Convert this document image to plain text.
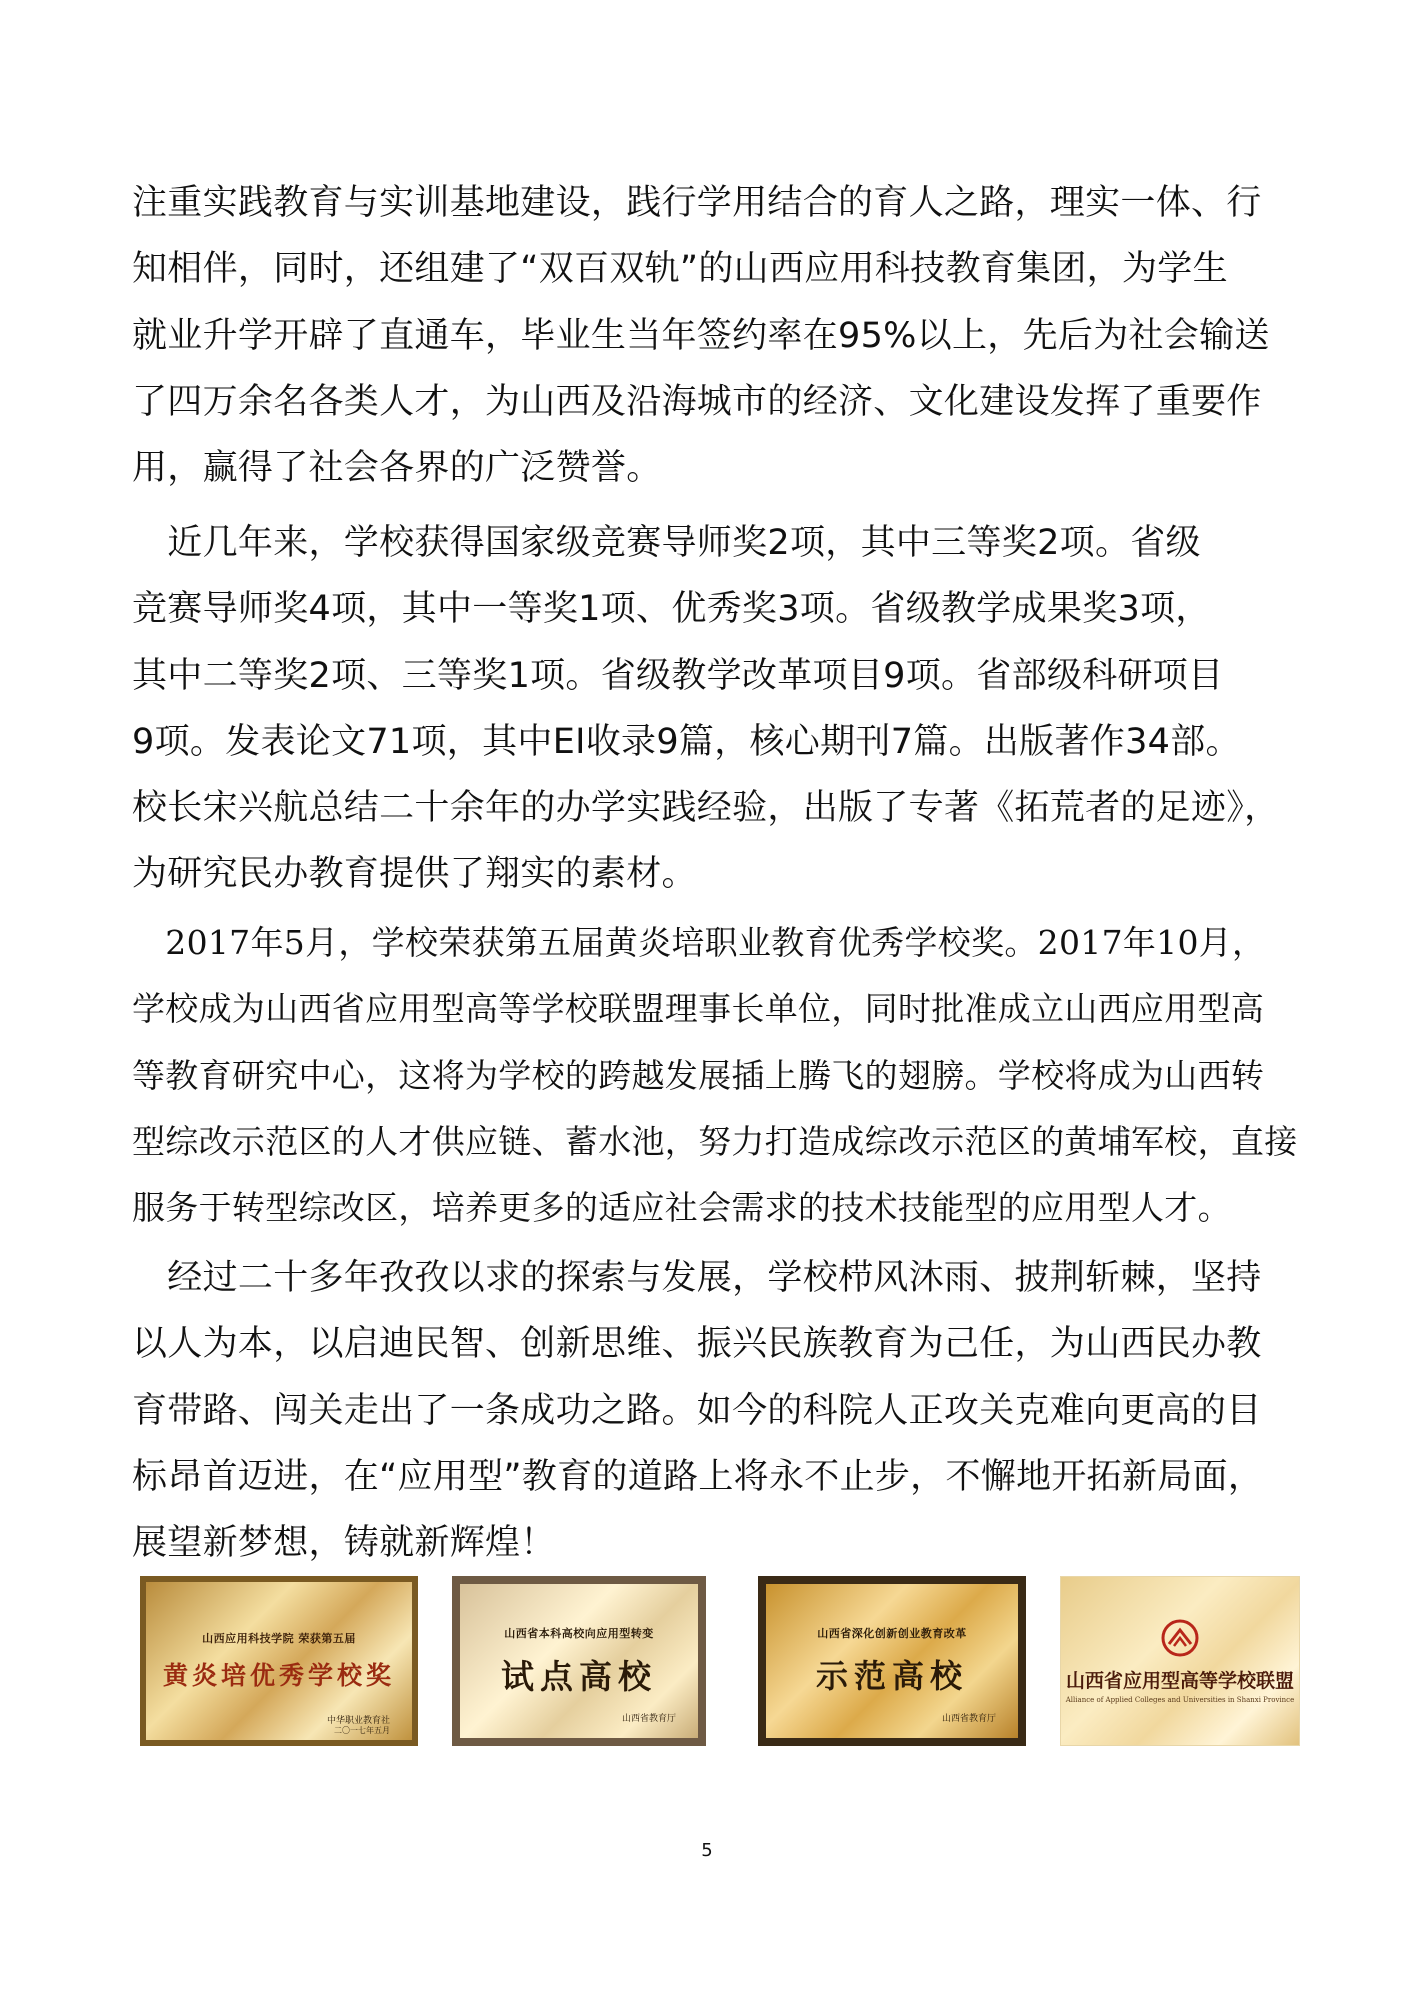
注重实践教育与实训基地建设，践行学用结合的育人之路，理实一体、行
知相伴，同时，还组建了“双百双轨”的山西应用科技教育集团，为学生
就业升学开辟了直通车，毕业生当年签约率在95%以上，先后为社会输送
了四万余名各类人才，为山西及沿海城市的经济、文化建设发挥了重要作
用，赢得了社会各界的广泛赞誉。
　近几年来，学校获得国家级竞赛导师奖2项，其中三等奖2项。省级
竞赛导师奖4项，其中一等奖1项、优秀奖3项。省级教学成果奖3项，
其中二等奖2项、三等奖1项。省级教学改革项目9项。省部级科研项目
9项。发表论文71项，其中EI收录9篇，核心期刊7篇。出版著作34部。
校长宋兴航总结二十余年的办学实践经验，出版了专著《拓荒者的足迹》，
为研究民办教育提供了翔实的素材。
　2017年5月，学校荣获第五届黄炎培职业教育优秀学校奖。2017年10月，
学校成为山西省应用型高等学校联盟理事长单位，同时批准成立山西应用型高
等教育研究中心，这将为学校的跨越发展插上腾飞的翅膀。学校将成为山西转
型综改示范区的人才供应链、蓄水池，努力打造成综改示范区的黄埔军校，直接
服务于转型综改区，培养更多的适应社会需求的技术技能型的应用型人才。
　经过二十多年孜孜以求的探索与发展，学校栉风沐雨、披荆斩棘，坚持
以人为本，以启迪民智、创新思维、振兴民族教育为己任，为山西民办教
育带路、闯关走出了一条成功之路。如今的科院人正攻关克难向更高的目
标昂首迈进，在“应用型”教育的道路上将永不止步，不懈地开拓新局面，
展望新梦想，铸就新辉煌！
山西应用科技学院 荣获第五届
黄炎培优秀学校奖
中华职业教育社
二〇一七年五月
山西省本科高校向应用型转变
试点高校
山西省教育厅
山西省深化创新创业教育改革
示范高校
山西省教育厅
山西省应用型高等学校联盟
Alliance of Applied Colleges and Universities in Shanxi Province
5
